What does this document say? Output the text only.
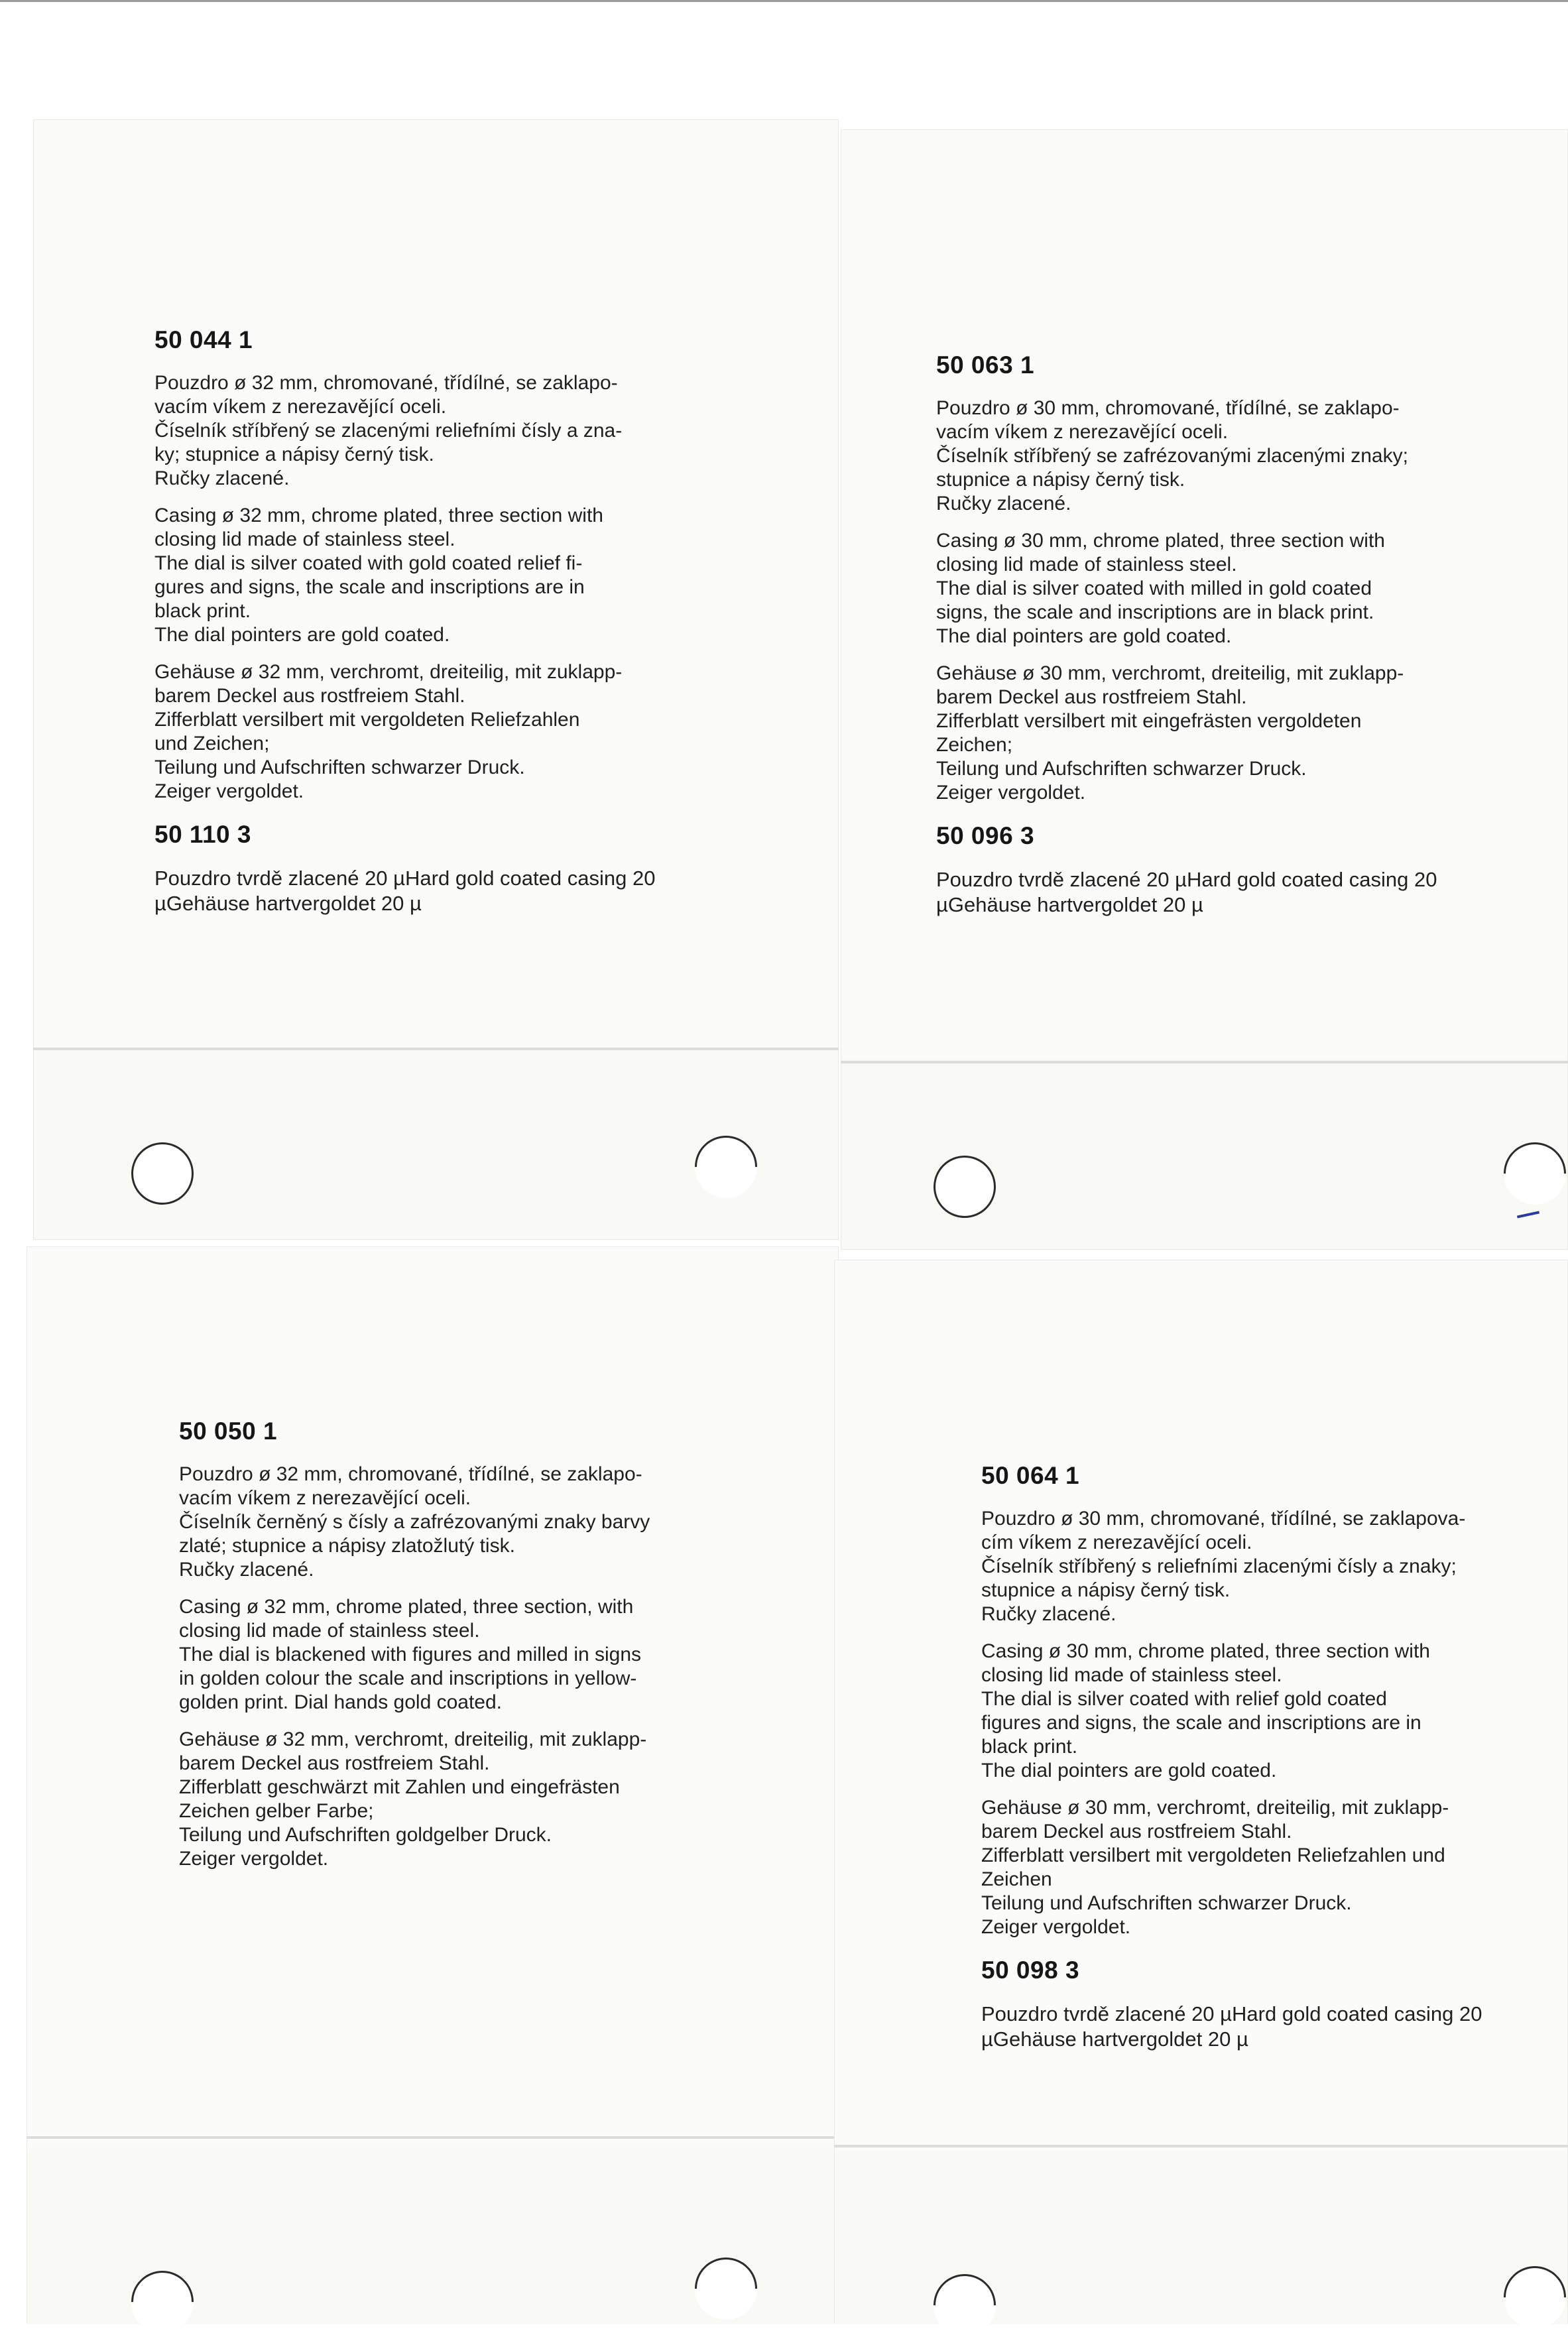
50 044 1
Pouzdro ø 32 mm, chromované, třídílné, se zaklapo-
vacím víkem z nerezavějící oceli.
Číselník stříbřený se zlacenými reliefními čísly a zna-
ky; stupnice a nápisy černý tisk.
Ručky zlacené.
Casing ø 32 mm, chrome plated, three section with
closing lid made of stainless steel.
The dial is silver coated with gold coated relief fi-
gures and signs, the scale and inscriptions are in
black print.
The dial pointers are gold coated.
Gehäuse ø 32 mm, verchromt, dreiteilig, mit zuklapp-
barem Deckel aus rostfreiem Stahl.
Zifferblatt versilbert mit vergoldeten Reliefzahlen
und Zeichen;
Teilung und Aufschriften schwarzer Druck.
Zeiger vergoldet.
50 110 3
Pouzdro tvrdě zlacené 20 µHard gold coated casing 20 µGehäuse hartvergoldet 20 µ
50 063 1
Pouzdro ø 30 mm, chromované, třídílné, se zaklapo-
vacím víkem z nerezavějící oceli.
Číselník stříbřený se zafrézovanými zlacenými znaky;
stupnice a nápisy černý tisk.
Ručky zlacené.
Casing ø 30 mm, chrome plated, three section with
closing lid made of stainless steel.
The dial is silver coated with milled in gold coated
signs, the scale and inscriptions are in black print.
The dial pointers are gold coated.
Gehäuse ø 30 mm, verchromt, dreiteilig, mit zuklapp-
barem Deckel aus rostfreiem Stahl.
Zifferblatt versilbert mit eingefrästen vergoldeten
Zeichen;
Teilung und Aufschriften schwarzer Druck.
Zeiger vergoldet.
50 096 3
Pouzdro tvrdě zlacené 20 µHard gold coated casing 20 µGehäuse hartvergoldet 20 µ
50 050 1
Pouzdro ø 32 mm, chromované, třídílné, se zaklapo-
vacím víkem z nerezavějící oceli.
Číselník černěný s čísly a zafrézovanými znaky barvy
zlaté; stupnice a nápisy zlatožlutý tisk.
Ručky zlacené.
Casing ø 32 mm, chrome plated, three section, with
closing lid made of stainless steel.
The dial is blackened with figures and milled in signs
in golden colour the scale and inscriptions in yellow-
golden print. Dial hands gold coated.
Gehäuse ø 32 mm, verchromt, dreiteilig, mit zuklapp-
barem Deckel aus rostfreiem Stahl.
Zifferblatt geschwärzt mit Zahlen und eingefrästen
Zeichen gelber Farbe;
Teilung und Aufschriften goldgelber Druck.
Zeiger vergoldet.
50 064 1
Pouzdro ø 30 mm, chromované, třídílné, se zaklapova-
cím víkem z nerezavějící oceli.
Číselník stříbřený s reliefními zlacenými čísly a znaky;
stupnice a nápisy černý tisk.
Ručky zlacené.
Casing ø 30 mm, chrome plated, three section with
closing lid made of stainless steel.
The dial is silver coated with relief gold coated
figures and signs, the scale and inscriptions are in
black print.
The dial pointers are gold coated.
Gehäuse ø 30 mm, verchromt, dreiteilig, mit zuklapp-
barem Deckel aus rostfreiem Stahl.
Zifferblatt versilbert mit vergoldeten Reliefzahlen und
Zeichen
Teilung und Aufschriften schwarzer Druck.
Zeiger vergoldet.
50 098 3
Pouzdro tvrdě zlacené 20 µHard gold coated casing 20 µGehäuse hartvergoldet 20 µ
